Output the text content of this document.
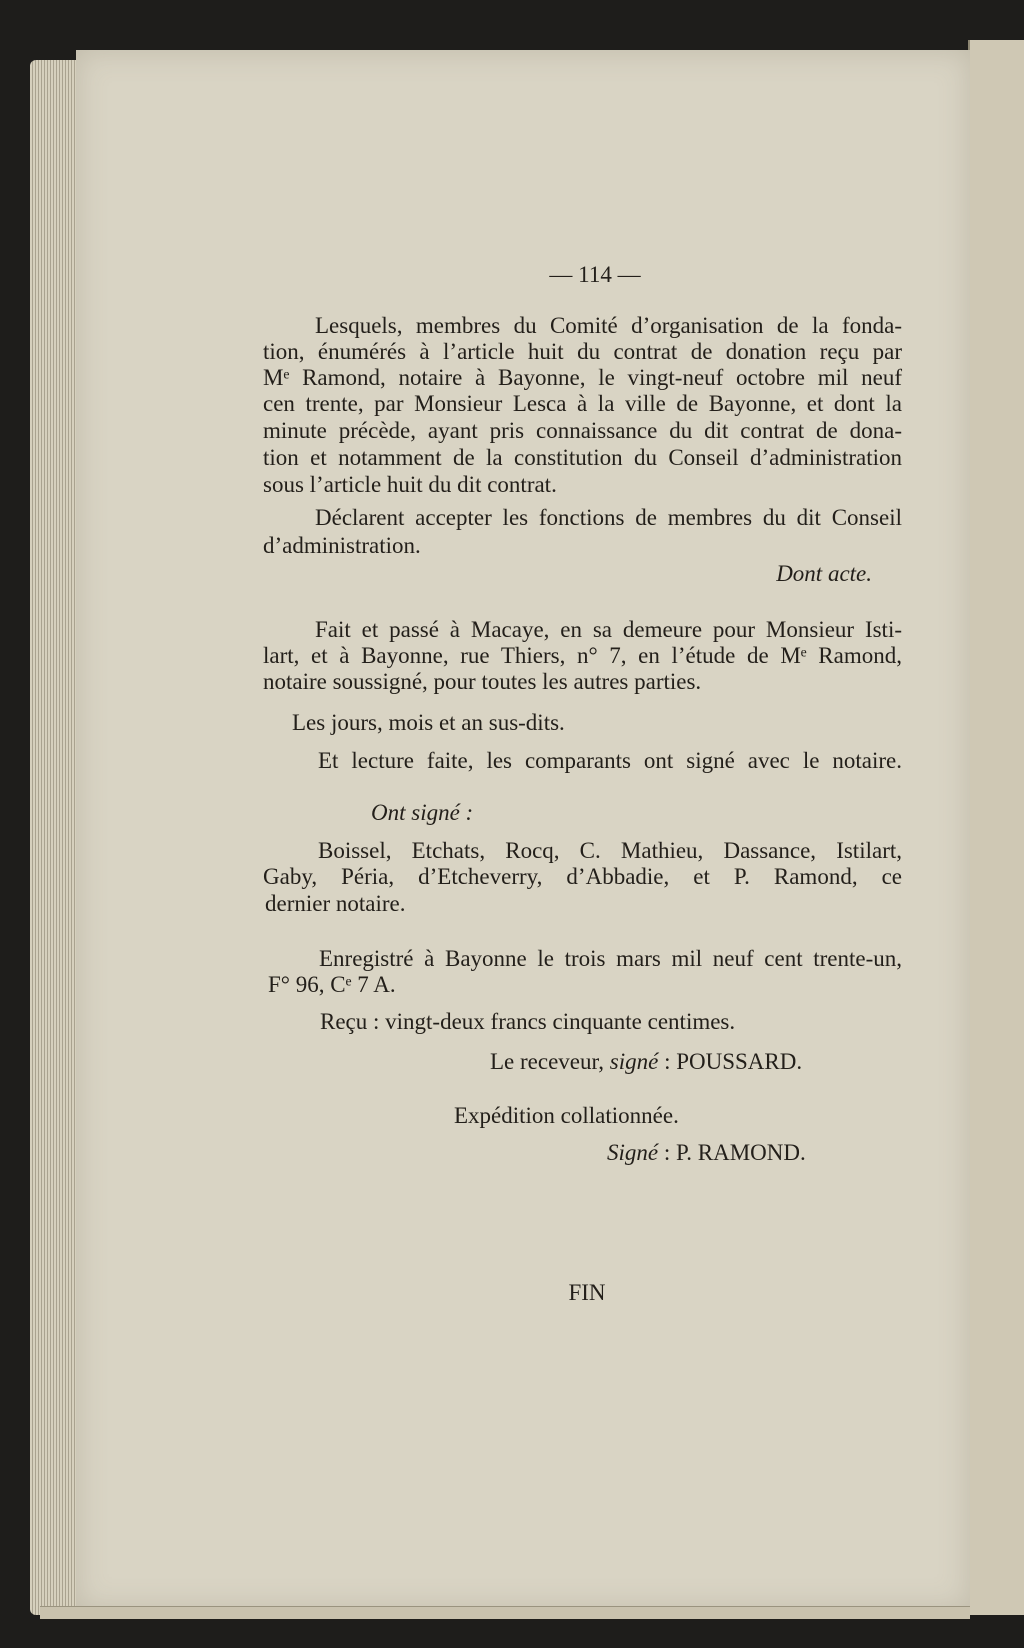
— 114 —
Lesquels, membres du Comité d’organisation de la fonda-
tion, énumérés à l’article huit du contrat de donation reçu par
Mᵉ Ramond, notaire à Bayonne, le vingt-neuf octobre mil neuf
cen trente, par Monsieur Lesca à la ville de Bayonne, et dont la
minute précède, ayant pris connaissance du dit contrat de dona-
tion et notamment de la constitution du Conseil d’administration
sous l’article huit du dit contrat.
Déclarent accepter les fonctions de membres du dit Conseil
d’administration.
Dont acte.
Fait et passé à Macaye, en sa demeure pour Monsieur Isti-
lart, et à Bayonne, rue Thiers, n° 7, en l’étude de Mᵉ Ramond,
notaire soussigné, pour toutes les autres parties.
Les jours, mois et an sus-dits.
Et lecture faite, les comparants ont signé avec le notaire.
Ont signé :
Boissel, Etchats, Rocq, C. Mathieu, Dassance, Istilart,
Gaby, Péria, d’Etcheverry, d’Abbadie, et P. Ramond, ce
dernier notaire.
Enregistré à Bayonne le trois mars mil neuf cent trente-un,
F° 96, Cᵉ 7 A.
Reçu : vingt-deux francs cinquante centimes.
Le receveur, signé : POUSSARD.
Expédition collationnée.
Signé : P. RAMOND.
FIN
